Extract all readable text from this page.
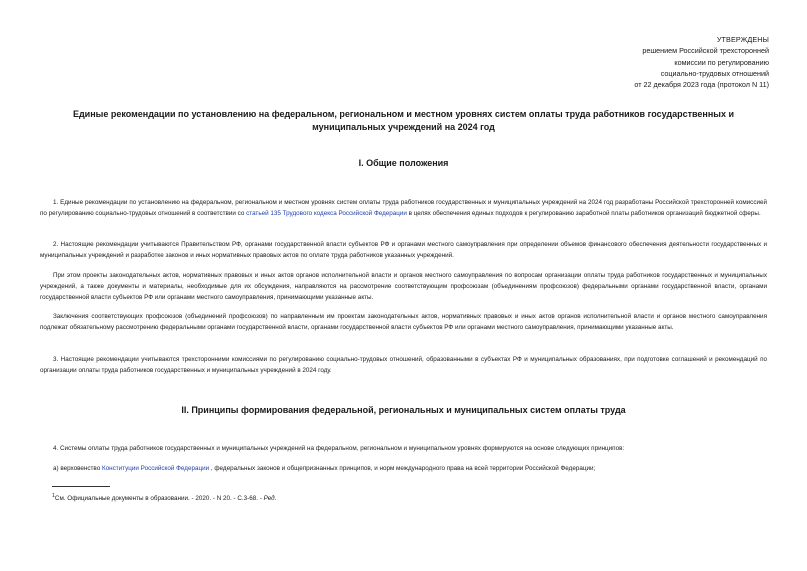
УТВЕРЖДЕНЫ
решением Российской трехсторонней
комиссии по регулированию
социально-трудовых отношений
от 22 декабря 2023 года (протокол N 11)
Единые рекомендации по установлению на федеральном, региональном и местном уровнях систем оплаты труда работников государственных и муниципальных учреждений на 2024 год
I. Общие положения

1. Единые рекомендации по установлению на федеральном, региональном и местном уровнях систем оплаты труда работников государственных и муниципальных учреждений на 2024 год разработаны Российской трехсторонней комиссией по регулированию социально-трудовых отношений в соответствии со статьей 135 Трудового кодекса Российской Федерации в целях обеспечения единых подходов к регулированию заработной платы работников организаций бюджетной сферы.

2. Настоящие рекомендации учитываются Правительством РФ, органами государственной власти субъектов РФ и органами местного самоуправления при определении объемов финансового обеспечения деятельности государственных и муниципальных учреждений и разработке законов и иных нормативных правовых актов по оплате труда работников указанных учреждений.

При этом проекты законодательных актов, нормативных правовых и иных актов органов исполнительной власти и органов местного самоуправления по вопросам организации оплаты труда работников государственных и муниципальных учреждений, а также документы и материалы, необходимые для их обсуждения, направляются на рассмотрение соответствующим профсоюзам (объединениям профсоюзов) федеральными органами государственной власти, органами государственной власти субъектов РФ или органами местного самоуправления, принимающими указанные акты.

Заключения соответствующих профсоюзов (объединений профсоюзов) по направленным им проектам законодательных актов, нормативных правовых и иных актов органов исполнительной власти и органов местного самоуправления подлежат обязательному рассмотрению федеральными органами государственной власти, органами государственной власти субъектов РФ или органами местного самоуправления, принимающими указанные акты.

3. Настоящие рекомендации учитываются трехсторонними комиссиями по регулированию социально-трудовых отношений, образованными в субъектах РФ и муниципальных образованиях, при подготовке соглашений и рекомендаций по организации оплаты труда работников государственных и муниципальных учреждений в 2024 году.

II. Принципы формирования федеральной, региональных и муниципальных систем оплаты труда

4. Системы оплаты труда работников государственных и муниципальных учреждений на федеральном, региональном и муниципальном уровнях формируются на основе следующих принципов:

а) верховенство Конституции Российской Федерации , федеральных законов и общепризнанных принципов, и норм международного права на всей территории Российской Федерации;

$^1$См. Официальные документы в образовании. - 2020. - N 20. - С.3-68. - Ред.
